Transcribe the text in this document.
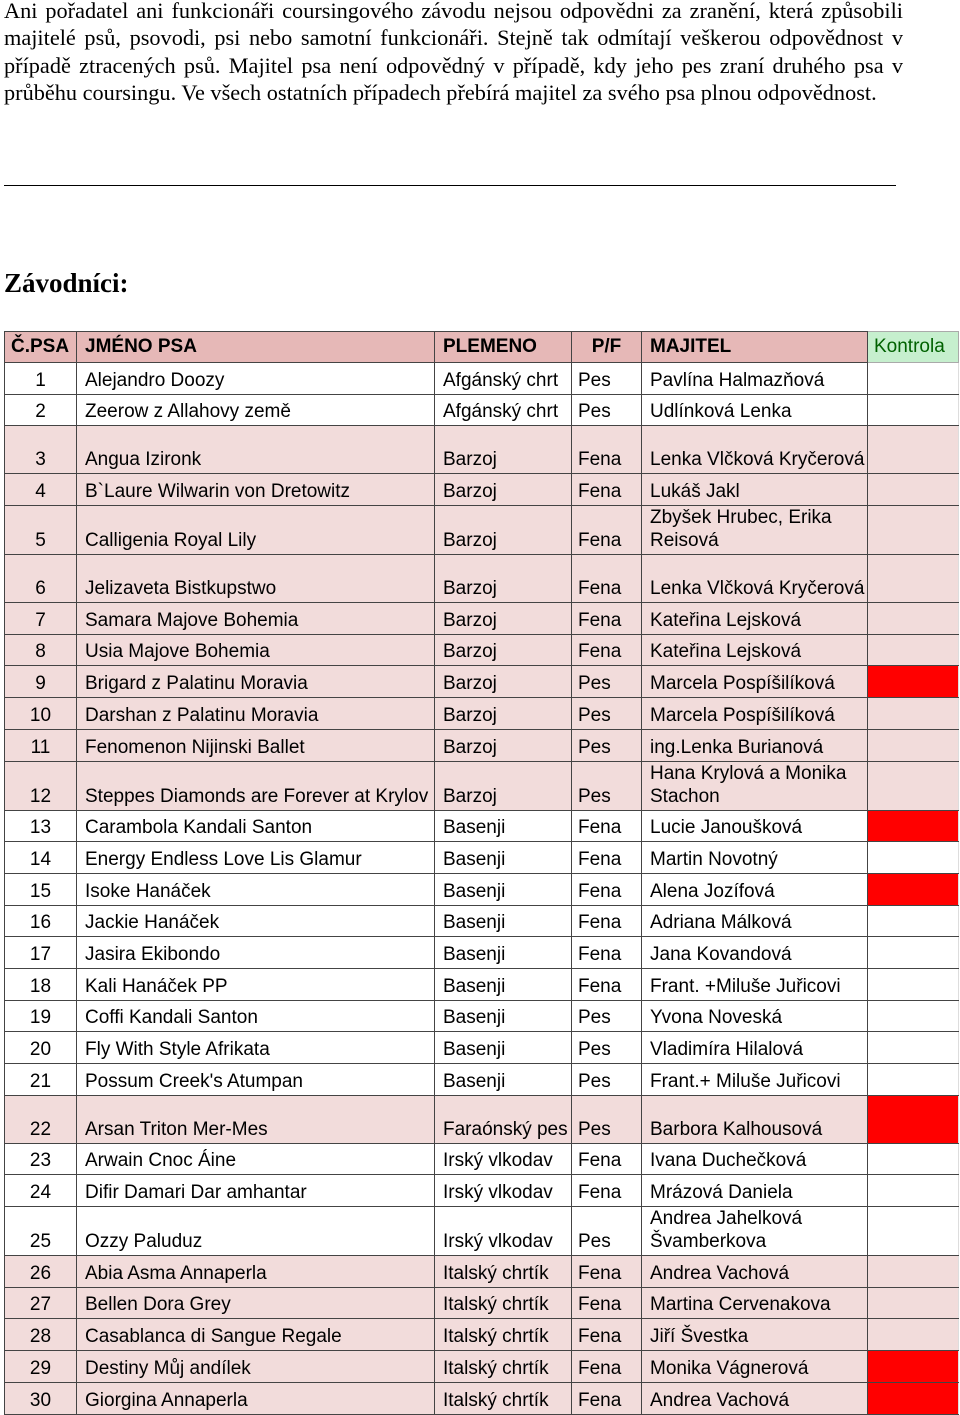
Ani pořadatel ani funkcionáři coursingového závodu nejsou odpovědni za zranění, která způsobili majitelé psů, psovodi, psi nebo samotní funkcionáři. Stejně tak odmítají veškerou odpovědnost v případě ztracených psů. Majitel psa není odpovědný v případě, kdy jeho pes zraní druhého psa v průběhu coursingu. Ve všech ostatních případech přebírá majitel za svého psa plnou odpovědnost.

Závodníci:
Č.PSA	JMÉNO PSA	PLEMENO	P/F	MAJITEL	Kontrola
1	Alejandro Doozy	Afgánský chrt	Pes	Pavlína Halmazňová	
2	Zeerow z Allahovy země	Afgánský chrt	Pes	Udlínková Lenka	
3	Angua Izironk	Barzoj	Fena	Lenka Vlčková Kryčerová	
4	B`Laure Wilwarin von Dretowitz	Barzoj	Fena	Lukáš Jakl	
5	Calligenia Royal Lily	Barzoj	Fena	Zbyšek Hrubec, Erika Reisová	
6	Jelizaveta Bistkupstwo	Barzoj	Fena	Lenka Vlčková Kryčerová	
7	Samara Majove Bohemia	Barzoj	Fena	Kateřina Lejsková	
8	Usia Majove Bohemia	Barzoj	Fena	Kateřina Lejsková	
9	Brigard z Palatinu Moravia	Barzoj	Pes	Marcela Pospíšilíková	
10	Darshan z Palatinu Moravia	Barzoj	Pes	Marcela Pospíšilíková	
11	Fenomenon Nijinski Ballet	Barzoj	Pes	ing.Lenka Burianová	
12	Steppes Diamonds are Forever at Krylov	Barzoj	Pes	Hana Krylová a Monika Stachon	
13	Carambola Kandali Santon	Basenji	Fena	Lucie Janoušková	
14	Energy Endless Love Lis Glamur	Basenji	Fena	Martin Novotný	
15	Isoke Hanáček	Basenji	Fena	Alena Jozífová	
16	Jackie Hanáček	Basenji	Fena	Adriana Málková	
17	Jasira Ekibondo	Basenji	Fena	Jana Kovandová	
18	Kali Hanáček PP	Basenji	Fena	Frant. +Miluše Juřicovi	
19	Coffi Kandali Santon	Basenji	Pes	Yvona Noveská	
20	Fly With Style Afrikata	Basenji	Pes	Vladimíra Hilalová	
21	Possum Creek's Atumpan	Basenji	Pes	Frant.+ Miluše Juřicovi	
22	Arsan Triton Mer-Mes	Faraónský pes	Pes	Barbora Kalhousová	
23	Arwain Cnoc Áine	Irský vlkodav	Fena	Ivana Duchečková	
24	Difir Damari Dar amhantar	Irský vlkodav	Fena	Mrázová Daniela	
25	Ozzy Paluduz	Irský vlkodav	Pes	Andrea Jahelková Švamberkova	
26	Abia Asma Annaperla	Italský chrtík	Fena	Andrea Vachová	
27	Bellen Dora Grey	Italský chrtík	Fena	Martina Cervenakova	
28	Casablanca di Sangue Regale	Italský chrtík	Fena	Jiří Švestka	
29	Destiny Můj andílek	Italský chrtík	Fena	Monika Vágnerová	
30	Giorgina Annaperla	Italský chrtík	Fena	Andrea Vachová	
